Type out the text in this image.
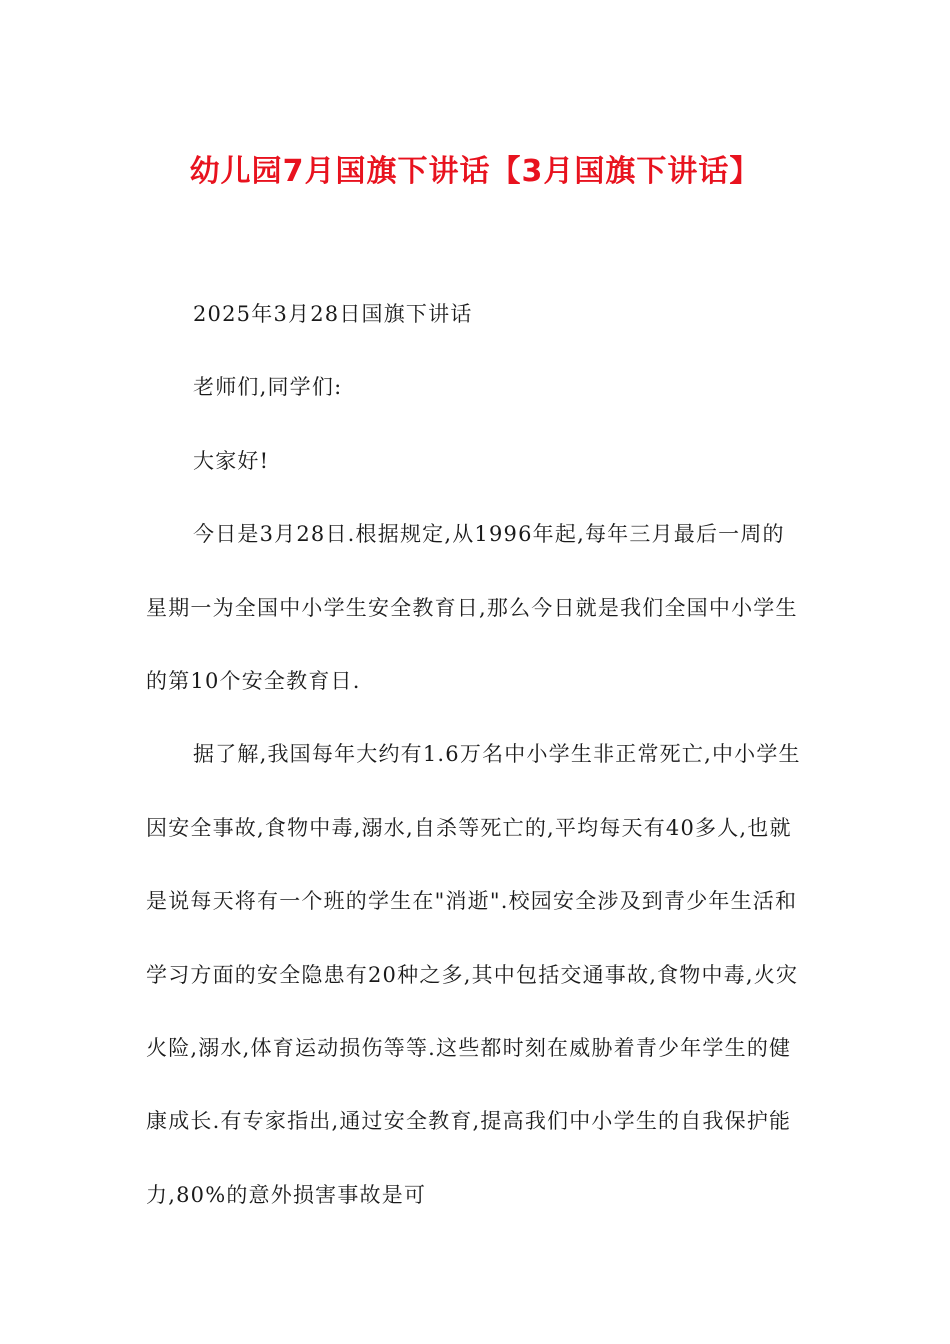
幼儿园7月国旗下讲话【3月国旗下讲话】

2025年3月28日国旗下讲话

老师们,同学们:

大家好!

今日是3月28日.根据规定,从1996年起,每年三月最后一周的星期一为全国中小学生安全教育日,那么今日就是我们全国中小学生的第10个安全教育日.

据了解,我国每年大约有1.6万名中小学生非正常死亡,中小学生因安全事故,食物中毒,溺水,自杀等死亡的,平均每天有40多人,也就是说每天将有一个班的学生在"消逝".校园安全涉及到青少年生活和学习方面的安全隐患有20种之多,其中包括交通事故,食物中毒,火灾火险,溺水,体育运动损伤等等.这些都时刻在威胁着青少年学生的健康成长.有专家指出,通过安全教育,提高我们中小学生的自我保护能力,80%的意外损害事故是可
